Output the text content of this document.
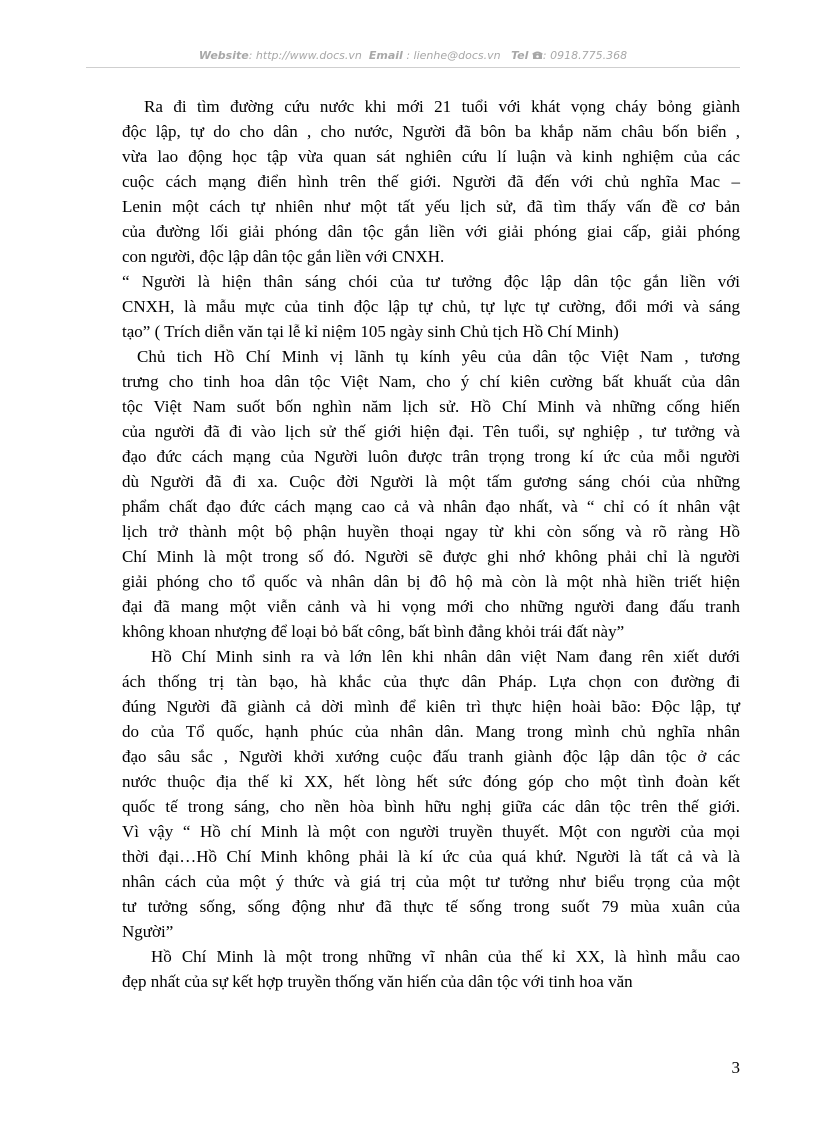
Website: http://www.docs.vn Email : lienhe@docs.vn Tel : 0918.775.368
Ra đi tìm đường cứu nước khi mới 21 tuổi với khát vọng cháy bỏng giành
độc lập, tự do cho dân , cho nước, Người đã bôn ba khắp năm châu bốn biển ,
vừa lao động học tập vừa quan sát nghiên cứu lí luận và kinh nghiệm của các
cuộc cách mạng điển hình trên thế giới. Người đã đến với chủ nghĩa Mac –
Lenin một cách tự nhiên như một tất yếu lịch sử, đã tìm thấy vấn đề cơ bản
của đường lối giải phóng dân tộc gắn liền với giải phóng giai cấp, giải phóng
con người, độc lập dân tộc gắn liền với CNXH.
“ Người là hiện thân sáng chói của tư tưởng độc lập dân tộc gắn liền với
CNXH, là mẫu mực của tinh độc lập tự chủ, tự lực tự cường, đổi mới và sáng
tạo” ( Trích diễn văn tại lễ kỉ niệm 105 ngày sinh Chủ tịch Hồ Chí Minh)
Chủ tich Hồ Chí Minh vị lãnh tụ kính yêu của dân tộc Việt Nam , tương
trưng cho tinh hoa dân tộc Việt Nam, cho ý chí kiên cường bất khuất của dân
tộc Việt Nam suốt bốn nghìn năm lịch sử. Hồ Chí Minh và những cống hiến
của người đã đi vào lịch sử thế giới hiện đại. Tên tuổi, sự nghiệp , tư tưởng và
đạo đức cách mạng của Người luôn được trân trọng trong kí ức của mỗi người
dù Người đã đi xa. Cuộc đời Người là một tấm gương sáng chói của những
phẩm chất đạo đức cách mạng cao cả và nhân đạo nhất, và “ chỉ có ít nhân vật
lịch trở thành một bộ phận huyền thoại ngay từ khi còn sống và rõ ràng Hồ
Chí Minh là một trong số đó. Người sẽ được ghi nhớ không phải chỉ là người
giải phóng cho tổ quốc và nhân dân bị đô hộ mà còn là một nhà hiền triết hiện
đại đã mang một viễn cảnh và hi vọng mới cho những người đang đấu tranh
không khoan nhượng để loại bỏ bất công, bất bình đẳng khỏi trái đất này”
Hồ Chí Minh sinh ra và lớn lên khi nhân dân việt Nam đang rên xiết dưới
ách thống trị tàn bạo, hà khắc của thực dân Pháp. Lựa chọn con đường đi
đúng Người đã giành cả dời mình để kiên trì thực hiện hoài bão: Độc lập, tự
do của Tổ quốc, hạnh phúc của nhân dân. Mang trong mình chủ nghĩa nhân
đạo sâu sắc , Người khởi xướng cuộc đấu tranh giành độc lập dân tộc ở các
nước thuộc địa thế kỉ XX, hết lòng hết sức đóng góp cho một tình đoàn kết
quốc tế trong sáng, cho nền hòa bình hữu nghị giữa các dân tộc trên thế giới.
Vì vậy “ Hồ chí Minh là một con người truyền thuyết. Một con người của mọi
thời đại…Hồ Chí Minh không phải là kí ức của quá khứ. Người là tất cả và là
nhân cách của một ý thức và giá trị của một tư tưởng như biểu trọng của một
tư tưởng sống, sống động như đã thực tế sống trong suốt 79 mùa xuân của
Người”
Hồ Chí Minh là một trong những vĩ nhân của thế kỉ XX, là hình mẫu cao
đẹp nhất của sự kết hợp truyền thống văn hiến của dân tộc với tinh hoa văn
3
